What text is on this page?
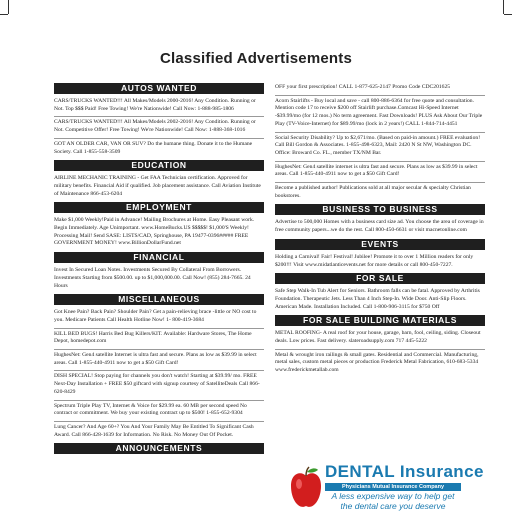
Classified Advertisements
AUTOS WANTED

CARS/TRUCKS WANTED!!! All Makes/Models 2000-2016! Any Condition. Running or Not. Top $$$ Paid! Free Towing! We're Nationwide! Call Now: 1-888-985-1806

CARS/TRUCKS WANTED!!! All Makes/Models 2002-2016! Any Condition. Running or Not. Competitive Offer! Free Towing! We're Nationwide! Call Now: 1-888-368-1016

GOT AN OLDER CAR, VAN OR SUV? Do the humane thing. Donate it to the Humane Society. Call 1-855-558-3509

EDUCATION

AIRLINE MECHANIC TRAINING - Get FAA Technician certification. Approved for military benefits. Financial Aid if qualified. Job placement assistance. Call Aviation Institute of Maintenance 866-453-6204

EMPLOYMENT

Make $1,000 Weekly!Paid in Advance! Mailing Brochures at Home. Easy Pleasant work. Begin Immediately. Age Unimportant. www.HomeBucks.US $$$$$! $1,000'S Weekly! Processing Mail! Send SASE: LISTS/CAD, Springhouse, PA 19477-0396##### FREE GOVERNMENT MONEY! www.BillionDollarFund.net

FINANCIAL

Invest In Secured Loan Notes. Investments Secured By Collateral From Borrowers. Investments Starting from $500.00. up to $1,000,000.00. Call Now! (855) 284-7665. 24 Hours

MISCELLANEOUS

Got Knee Pain? Back Pain? Shoulder Pain? Get a pain-relieving brace -little or NO cost to you. Medicare Patients Call Health Hotline Now! 1- 800-419-3684

KILL BED BUGS! Harris Bed Bug Killers/KIT. Available: Hardware Stores, The Home Depot, homedepot.com

HughesNet: Gen4 satellite Internet is ultra fast and secure. Plans as low as $39.99 in select areas. Call 1-855-440-4911 now to get a $50 Gift Card!

DISH SPECIAL! Stop paying for channels you don't watch! Starting at $39.99/ mo. FREE Next-Day Installation + FREE $50 giftcard with signup courtesy of SatelliteDeals Call 866-620-8429

Spectrum Triple Play TV, Internet & Voice for $29.99 ea. 60 MB per second speed No contract or commitment. We buy your existing contract up to $500! 1-855-652-9304

Lung Cancer? And Age 60+? You And Your Family May Be Entitled To Significant Cash Award. Call 866-428-1639 for Information. No Risk. No Money Out Of Pocket.

ANNOUNCEMENTS

OFF your first prescription! CALL 1-877-625-2147 Promo Code CDC201625

Acorn Stairlifts - Buy local and save - call 800-886-6364 for free quote and consultation. Mention code 17 to receive $200 off Stairlift purchase.Comcast Hi-Speed Internet -$39.99/mo (for 12 mos.) No term agreement. Fast Downloads! PLUS Ask About Our Triple Play (TV-Voice-Internet) for $89.99/mo (lock in 2 years!) CALL 1-844-714-4451

Social Security Disability? Up to $2,671/mo. (Based on paid-in amount.) FREE evaluation! Call Bill Gordon & Associates. 1-855-498-6323, Mail: 2420 N St NW, Washington DC. Office: Broward Co. FL., member TX/NM Bar.

HughesNet: Gen4 satellite internet is ultra fast and secure. Plans as low as $39.99 in select areas. Call 1-855-440-4911 now to get a $50 Gift Card!

Become a published author! Publications sold at all major secular & specialty Christian bookstores.

BUSINESS TO BUSINESS

Advertise to 500,000 Homes with a business card size ad. You choose the area of coverage in free community papers...we do the rest. Call 800-450-6631 or visit macnetonline.com

EVENTS

Holding a Carnival! Fair! Festival! Jubilee! Promote it to over 1 Million readers for only $200!!! Visit www.midatlanticevents.net for more details or call 800-450-7227.

FOR SALE

Safe Step Walk-In Tub Alert for Seniors. Bathroom falls can be fatal. Approved by Arthritis Foundation. Therapeutic Jets. Less Than 4 Inch Step-In. Wide Door. Anti-Slip Floors. American Made. Installation Included. Call 1-800-906-3115 for $750 Off

FOR SALE BUILDING MATERIALS

METAL ROOFING- A real roof for your house, garage, barn, fool, ceiling, siding. Closeout deals. Low prices. Fast delivery. slateroadsupply.com 717 445-5222

Metal & wrought iron railings & small gates. Residential and Commercial. Manufacturing, metal sales, custom metal pieces or production Frederick Metal Fabrication, 610-683-5334 www.frederickmetallab.com

DENTAL Insurance
Physicians Mutual Insurance Company
A less expensive way to help get the dental care you deserve
